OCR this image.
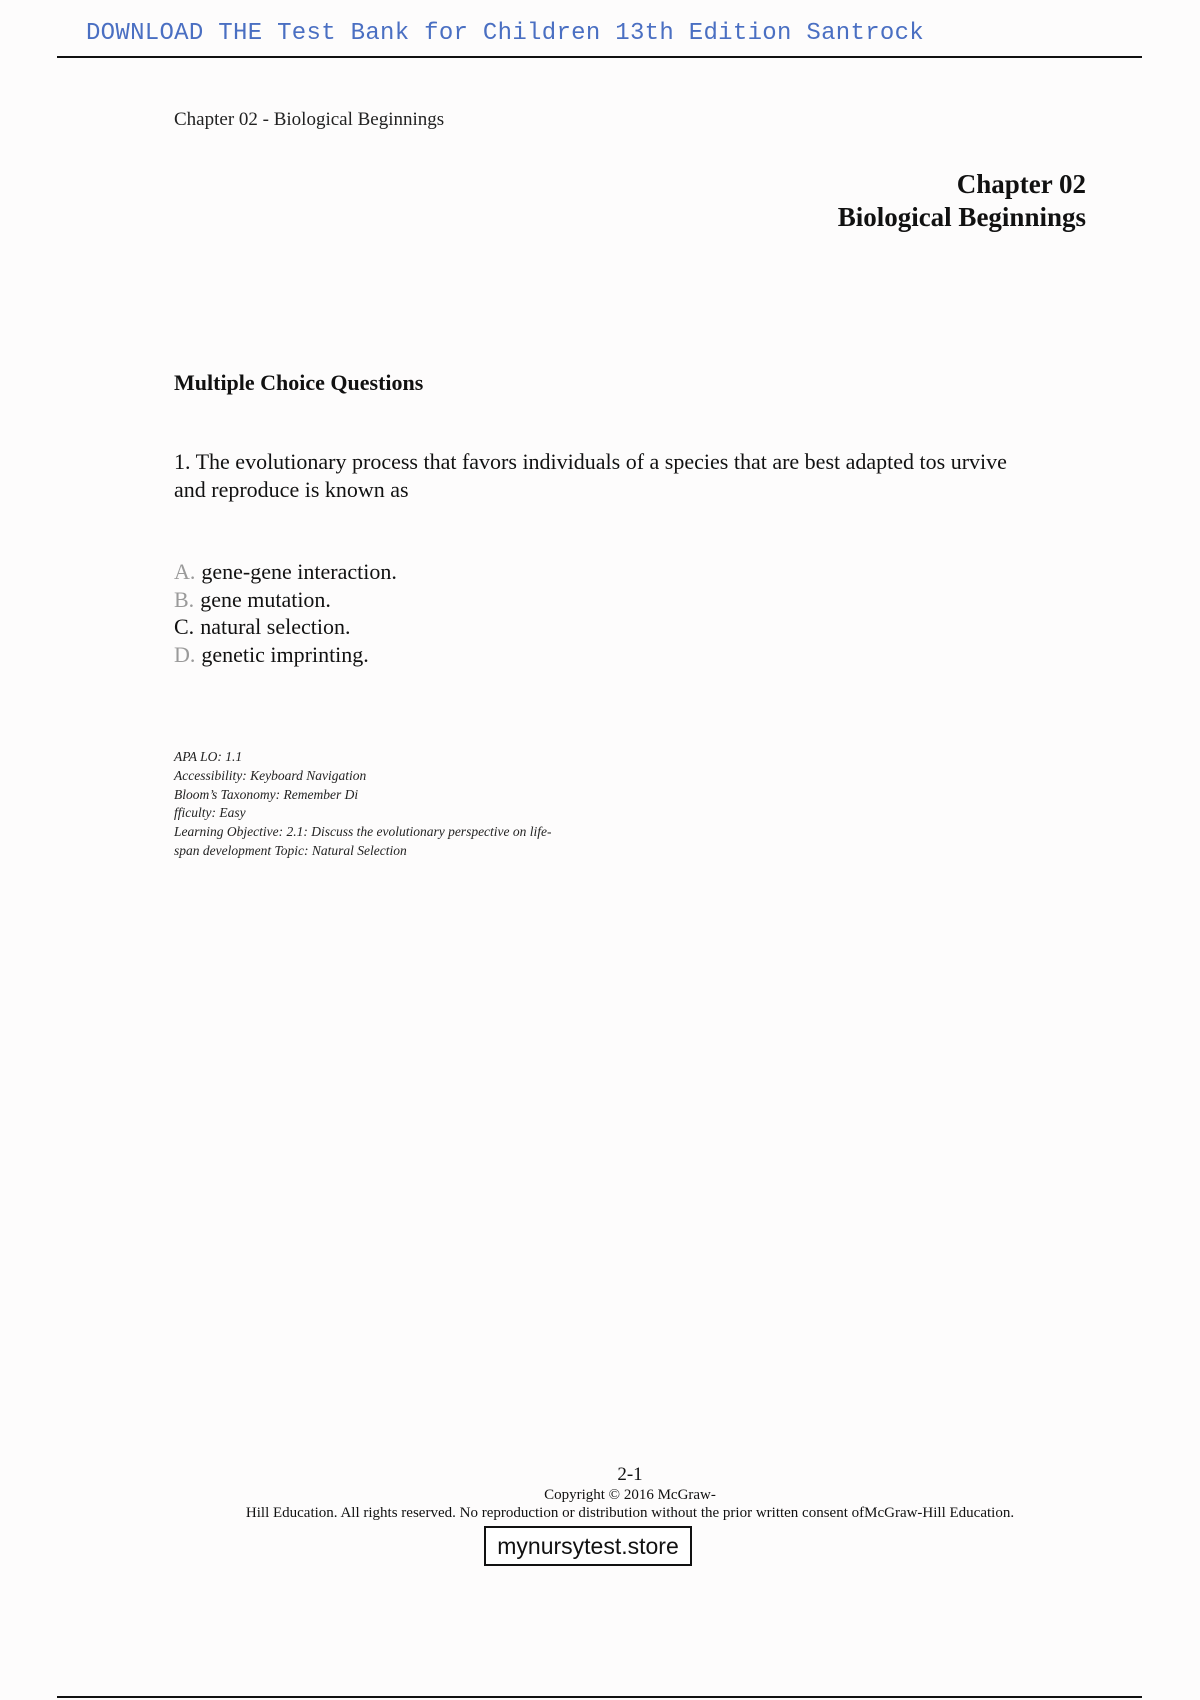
DOWNLOAD THE Test Bank for Children 13th Edition Santrock
Chapter 02 - Biological Beginnings
Chapter 02
Biological Beginnings
Multiple Choice Questions
1. The evolutionary process that favors individuals of a species that are best adapted tos urvive and reproduce is known as
A. gene-gene interaction.
B. gene mutation.
C. natural selection.
D. genetic imprinting.
APA LO: 1.1
Accessibility: Keyboard Navigation
Bloom’s Taxonomy: Remember Di
fficulty: Easy
Learning Objective: 2.1: Discuss the evolutionary perspective on life-
span development Topic: Natural Selection
2-1
Copyright © 2016 McGraw-
Hill Education. All rights reserved. No reproduction or distribution without the prior written consent ofMcGraw-Hill Education.
mynursytest.store
